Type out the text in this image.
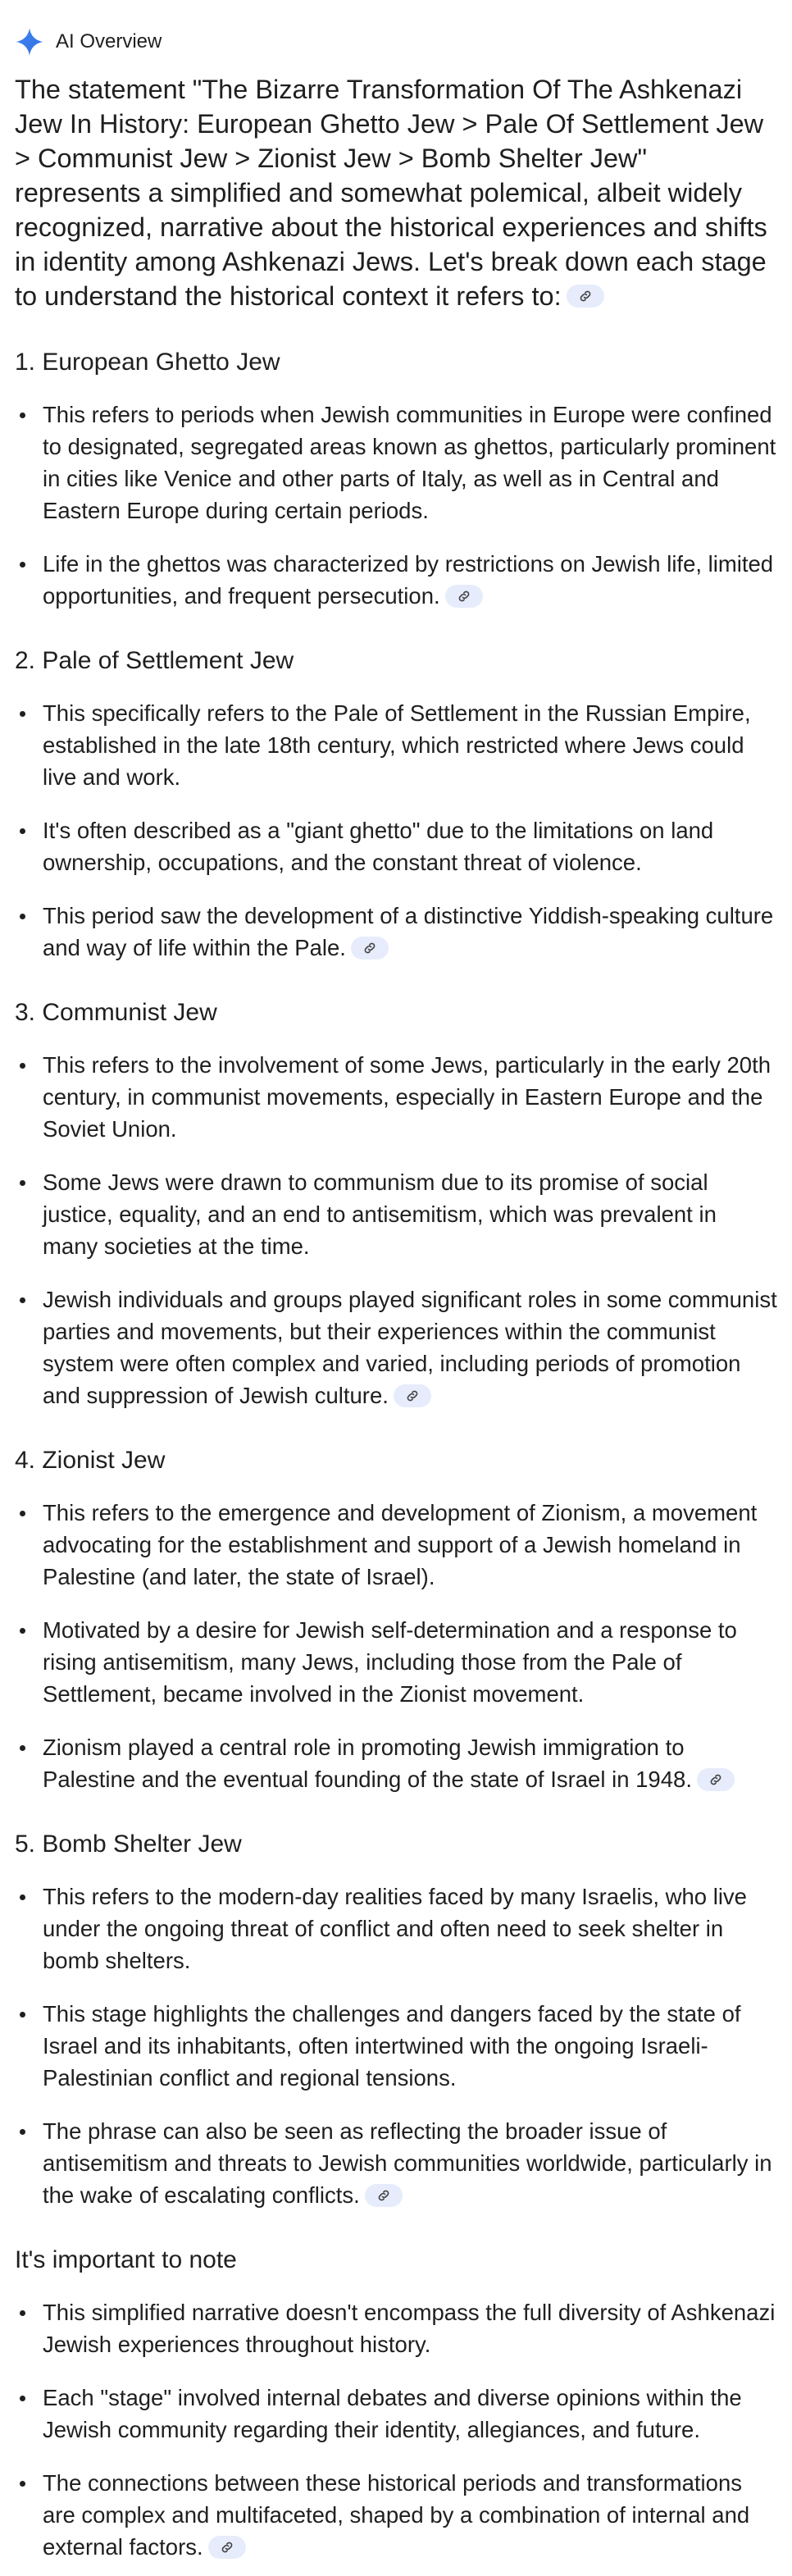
AI Overview
The statement "The Bizarre Transformation Of The Ashkenazi Jew In History: European Ghetto Jew > Pale Of Settlement Jew > Communist Jew > Zionist Jew > Bomb Shelter Jew" represents a simplified and somewhat polemical, albeit widely recognized, narrative about the historical experiences and shifts in identity among Ashkenazi Jews. Let's break down each stage to understand the historical context it refers to:
1. European Ghetto Jew
This refers to periods when Jewish communities in Europe were confined to designated, segregated areas known as ghettos, particularly prominent in cities like Venice and other parts of Italy, as well as in Central and Eastern Europe during certain periods.
Life in the ghettos was characterized by restrictions on Jewish life, limited opportunities, and frequent persecution.
2. Pale of Settlement Jew
This specifically refers to the Pale of Settlement in the Russian Empire, established in the late 18th century, which restricted where Jews could live and work.
It's often described as a "giant ghetto" due to the limitations on land ownership, occupations, and the constant threat of violence.
This period saw the development of a distinctive Yiddish-speaking culture and way of life within the Pale.
3. Communist Jew
This refers to the involvement of some Jews, particularly in the early 20th century, in communist movements, especially in Eastern Europe and the Soviet Union.
Some Jews were drawn to communism due to its promise of social justice, equality, and an end to antisemitism, which was prevalent in many societies at the time.
Jewish individuals and groups played significant roles in some communist parties and movements, but their experiences within the communist system were often complex and varied, including periods of promotion and suppression of Jewish culture.
4. Zionist Jew
This refers to the emergence and development of Zionism, a movement advocating for the establishment and support of a Jewish homeland in Palestine (and later, the state of Israel).
Motivated by a desire for Jewish self-determination and a response to rising antisemitism, many Jews, including those from the Pale of Settlement, became involved in the Zionist movement.
Zionism played a central role in promoting Jewish immigration to Palestine and the eventual founding of the state of Israel in 1948.
5. Bomb Shelter Jew
This refers to the modern-day realities faced by many Israelis, who live under the ongoing threat of conflict and often need to seek shelter in bomb shelters.
This stage highlights the challenges and dangers faced by the state of Israel and its inhabitants, often intertwined with the ongoing Israeli-Palestinian conflict and regional tensions.
The phrase can also be seen as reflecting the broader issue of antisemitism and threats to Jewish communities worldwide, particularly in the wake of escalating conflicts.
It's important to note
This simplified narrative doesn't encompass the full diversity of Ashkenazi Jewish experiences throughout history.
Each "stage" involved internal debates and diverse opinions within the Jewish community regarding their identity, allegiances, and future.
The connections between these historical periods and transformations are complex and multifaceted, shaped by a combination of internal and external factors.
